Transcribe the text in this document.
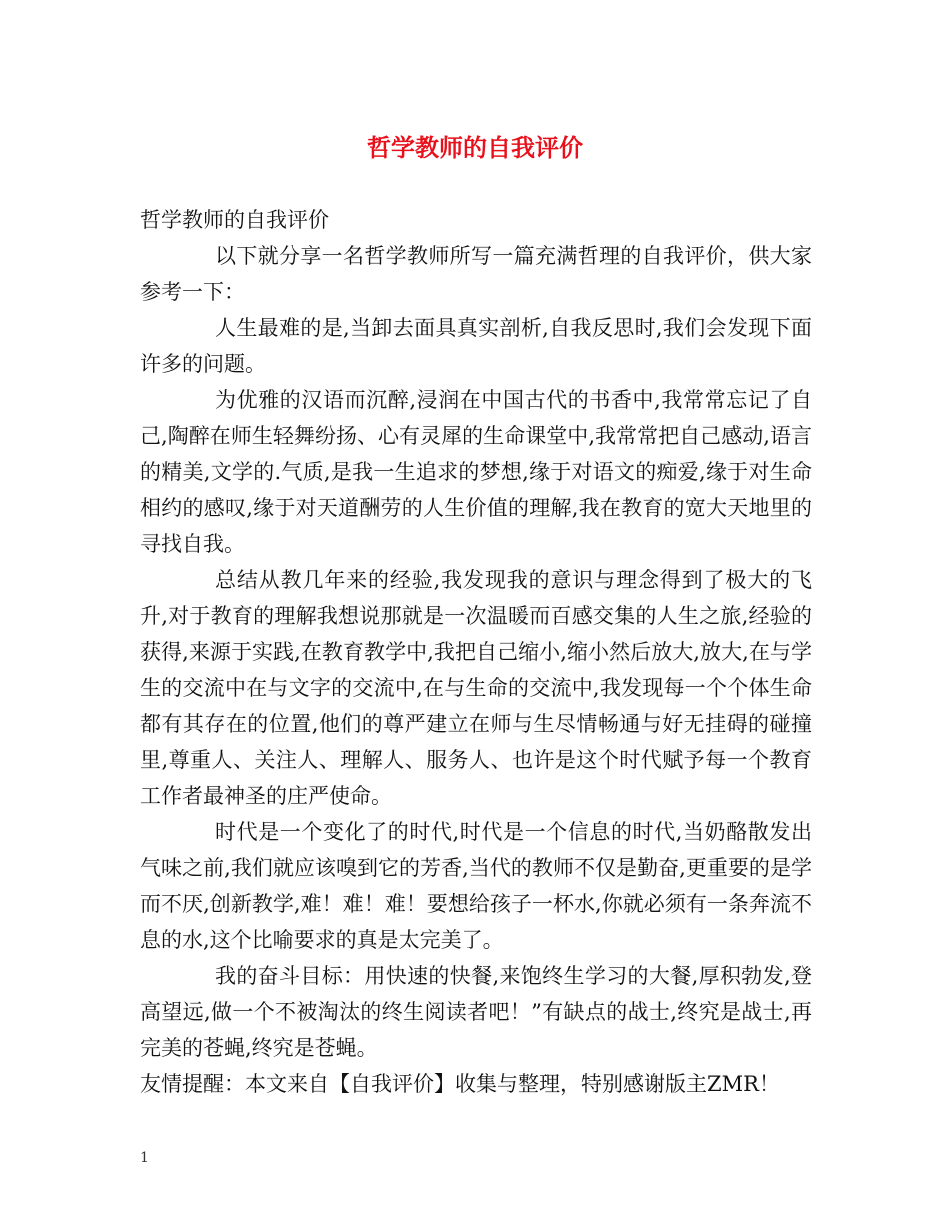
哲学教师的自我评价

哲学教师的自我评价

以下就分享一名哲学教师所写一篇充满哲理的自我评价，供大家参考一下：

人生最难的是,当卸去面具真实剖析,自我反思时,我们会发现下面许多的问题。

为优雅的汉语而沉醉,浸润在中国古代的书香中,我常常忘记了自己,陶醉在师生轻舞纷扬、心有灵犀的生命课堂中,我常常把自己感动,语言的精美,文学的.气质,是我一生追求的梦想,缘于对语文的痴爱,缘于对生命相约的感叹,缘于对天道酬劳的人生价值的理解,我在教育的宽大天地里的寻找自我。

总结从教几年来的经验,我发现我的意识与理念得到了极大的飞升,对于教育的理解我想说那就是一次温暖而百感交集的人生之旅,经验的获得,来源于实践,在教育教学中,我把自己缩小,缩小然后放大,放大,在与学生的交流中在与文字的交流中,在与生命的交流中,我发现每一个个体生命都有其存在的位置,他们的尊严建立在师与生尽情畅通与好无挂碍的碰撞里,尊重人、关注人、理解人、服务人、也许是这个时代赋予每一个教育工作者最神圣的庄严使命。

时代是一个变化了的时代,时代是一个信息的时代,当奶酪散发出气味之前,我们就应该嗅到它的芳香,当代的教师不仅是勤奋,更重要的是学而不厌,创新教学,难！难！难！要想给孩子一杯水,你就必须有一条奔流不息的水,这个比喻要求的真是太完美了。

我的奋斗目标：用快速的快餐,来饱终生学习的大餐,厚积勃发,登高望远,做一个不被淘汰的终生阅读者吧！”有缺点的战士,终究是战士,再完美的苍蝇,终究是苍蝇。

友情提醒：本文来自【自我评价】收集与整理，特别感谢版主ZMR！

1
